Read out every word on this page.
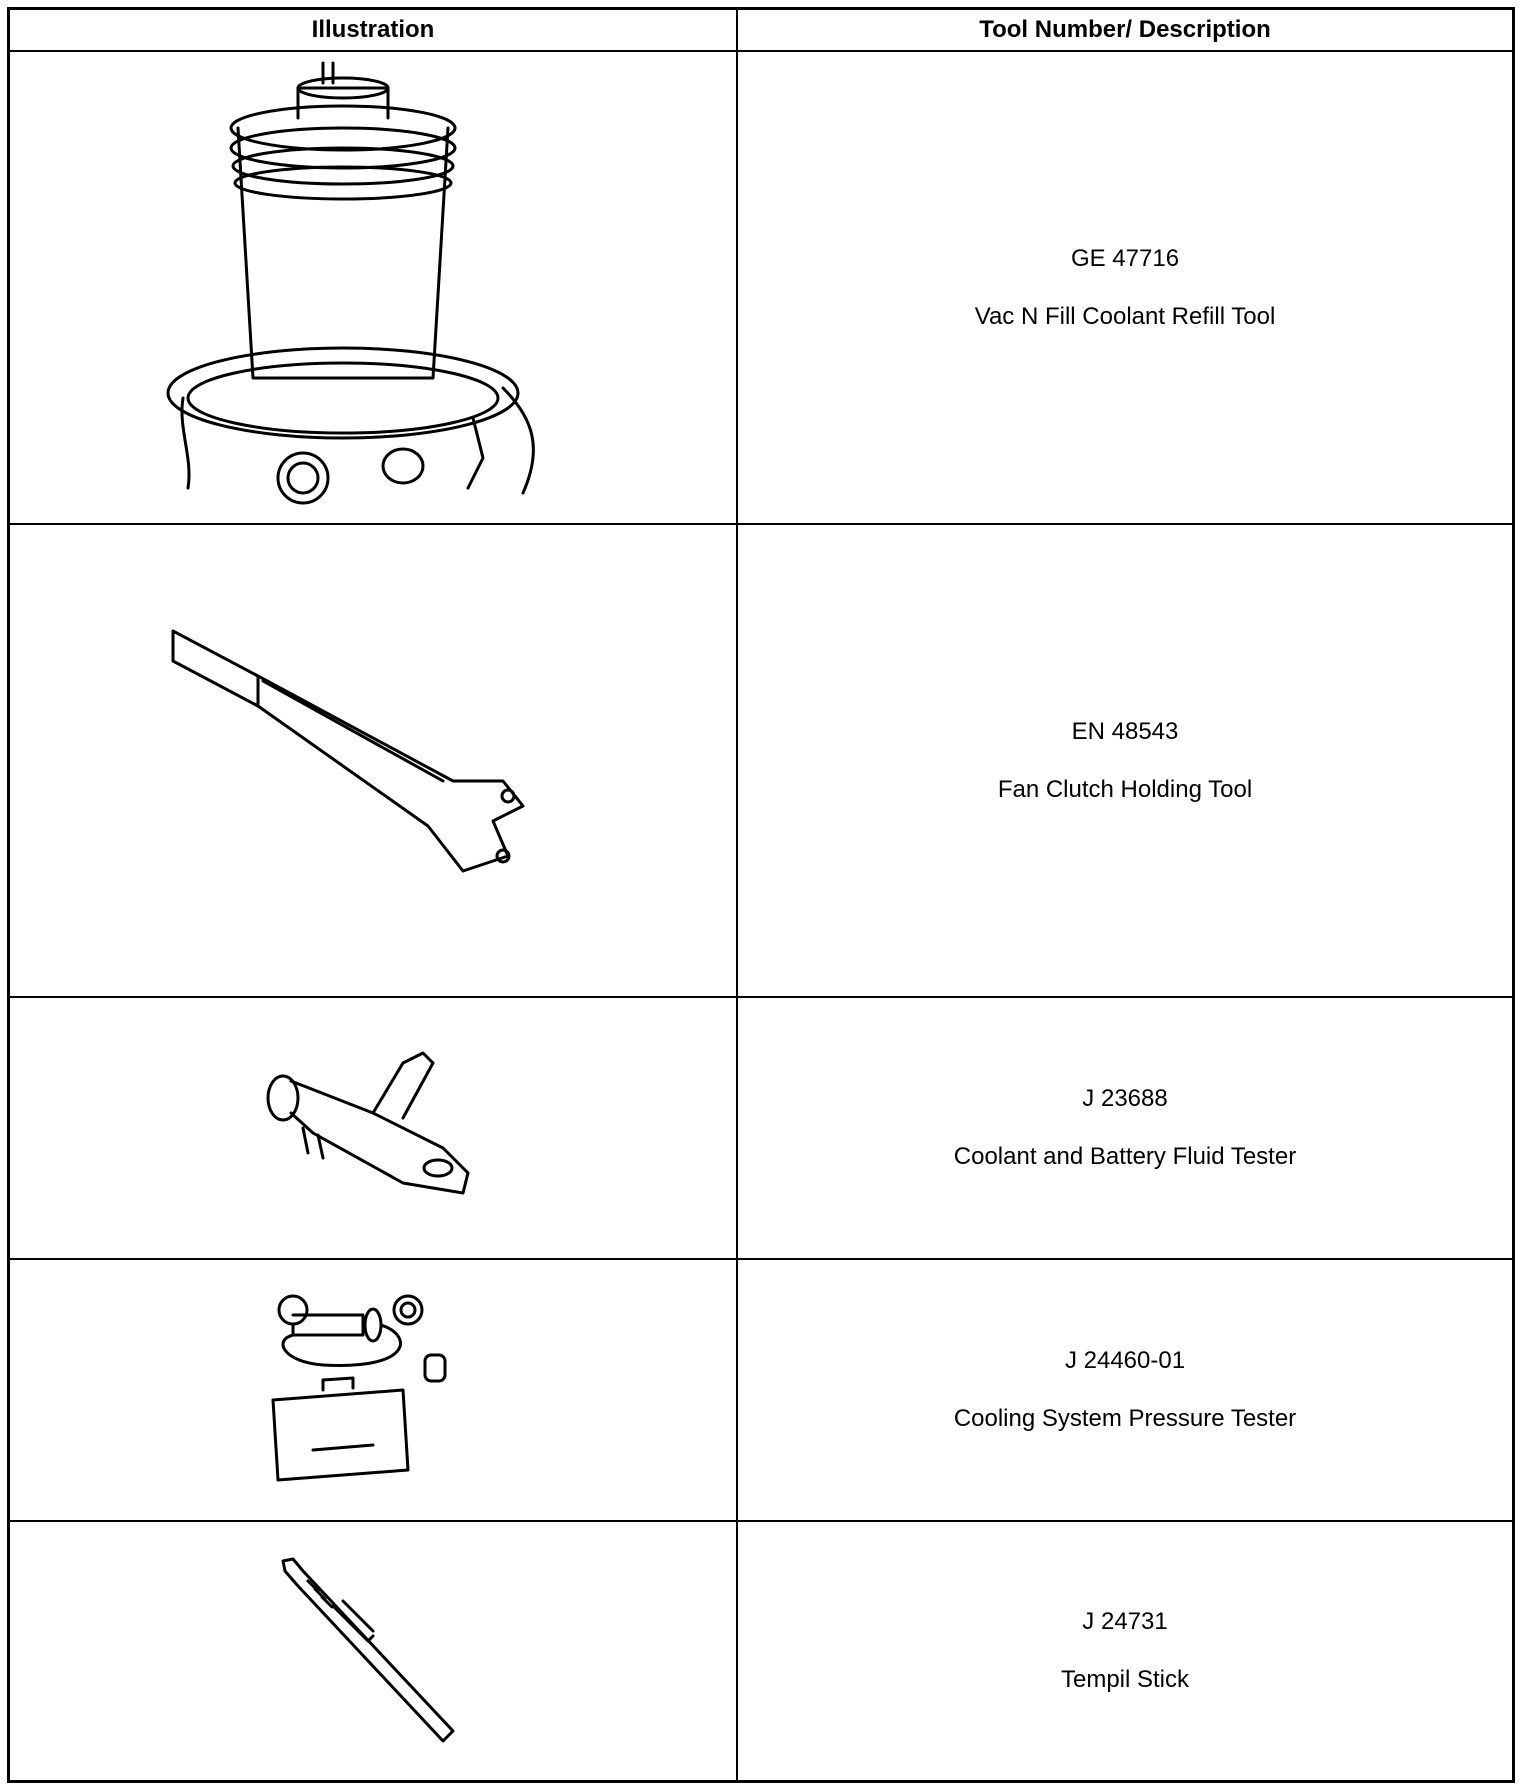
Illustration	Tool Number/ Description
GE 47716
Vac N Fill Coolant Refill Tool
EN 48543
Fan Clutch Holding Tool
J 23688
Coolant and Battery Fluid Tester
J 24460-01
Cooling System Pressure Tester
J 24731
Tempil Stick
